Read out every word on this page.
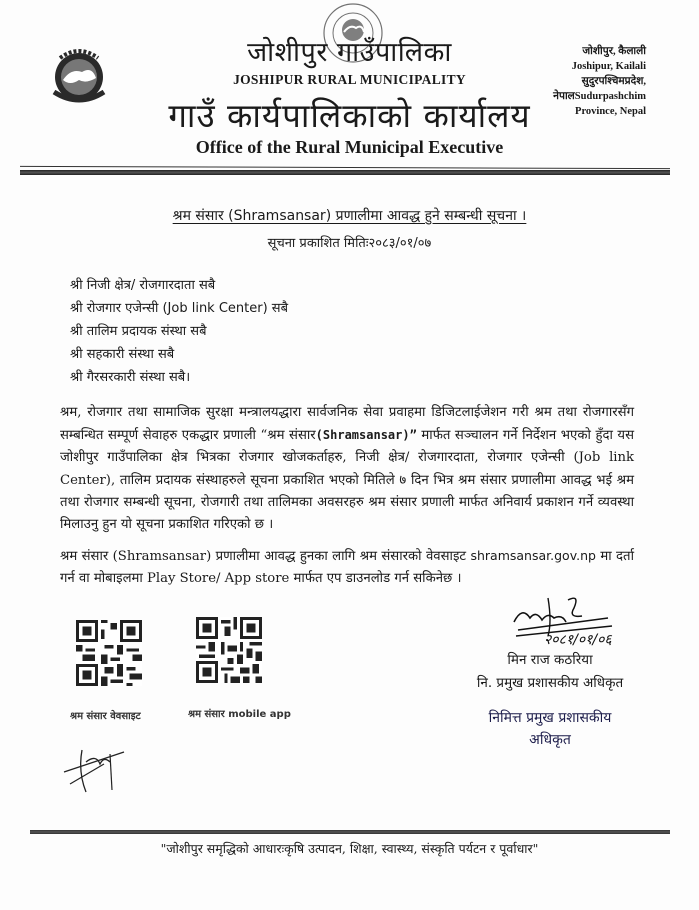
जोशीपुर गाउँपालिका
JOSHIPUR RURAL MUNICIPALITY
गाउँ कार्यपालिकाको कार्यालय
Office of the Rural Municipal Executive
जोशीपुर, कैलाली
Joshipur, Kailali
सुदुरपश्चिमप्रदेश,
नेपालSudurpashchim
Province, Nepal
श्रम संसार (Shramsansar) प्रणालीमा आवद्ध हुने सम्बन्धी सूचना ।
सूचना प्रकाशित मितिः२०८३/०१/०७
श्री निजी क्षेत्र/ रोजगारदाता सबै
श्री रोजगार एजेन्सी (Job link Center) सबै
श्री तालिम प्रदायक संस्था सबै
श्री सहकारी संस्था सबै
श्री गैरसरकारी संस्था सबै।
श्रम, रोजगार तथा सामाजिक सुरक्षा मन्त्रालयद्धारा सार्वजनिक सेवा प्रवाहमा डिजिटलाईजेशन गरी श्रम तथा रोजगारसँग सम्बन्धित सम्पूर्ण सेवाहरु एकद्धार प्रणाली “श्रम संसार(Shramsansar)” मार्फत सञ्चालन गर्ने निर्देशन भएको हुँदा यस जोशीपुर गाउँपालिका क्षेत्र भित्रका रोजगार खोजकर्ताहरु, निजी क्षेत्र/ रोजगारदाता, रोजगार एजेन्सी (Job link Center), तालिम प्रदायक संस्थाहरुले सूचना प्रकाशित भएको मितिले ७ दिन भित्र श्रम संसार प्रणालीमा आवद्ध भई श्रम तथा रोजगार सम्बन्धी सूचना, रोजगारी तथा तालिमका अवसरहरु श्रम संसार प्रणाली मार्फत अनिवार्य प्रकाशन गर्ने व्यवस्था मिलाउनु हुन यो सूचना प्रकाशित गरिएको छ ।
श्रम संसार (Shramsansar) प्रणालीमा आवद्ध हुनका लागि श्रम संसारको वेवसाइट shramsansar.gov.np मा दर्ता गर्न वा मोबाइलमा Play Store/ App store मार्फत एप डाउनलोड गर्न सकिनेछ ।
श्रम संसार वेवसाइट	श्रम संसार mobile app
२०८१/०१/०६
मिन राज कठरिया
नि. प्रमुख प्रशासकीय अधिकृत
निमित्त प्रमुख प्रशासकीय
अधिकृत
"जोशीपुर समृद्धिको आधारःकृषि उत्पादन, शिक्षा, स्वास्थ्य, संस्कृति पर्यटन र पूर्वाधार"
